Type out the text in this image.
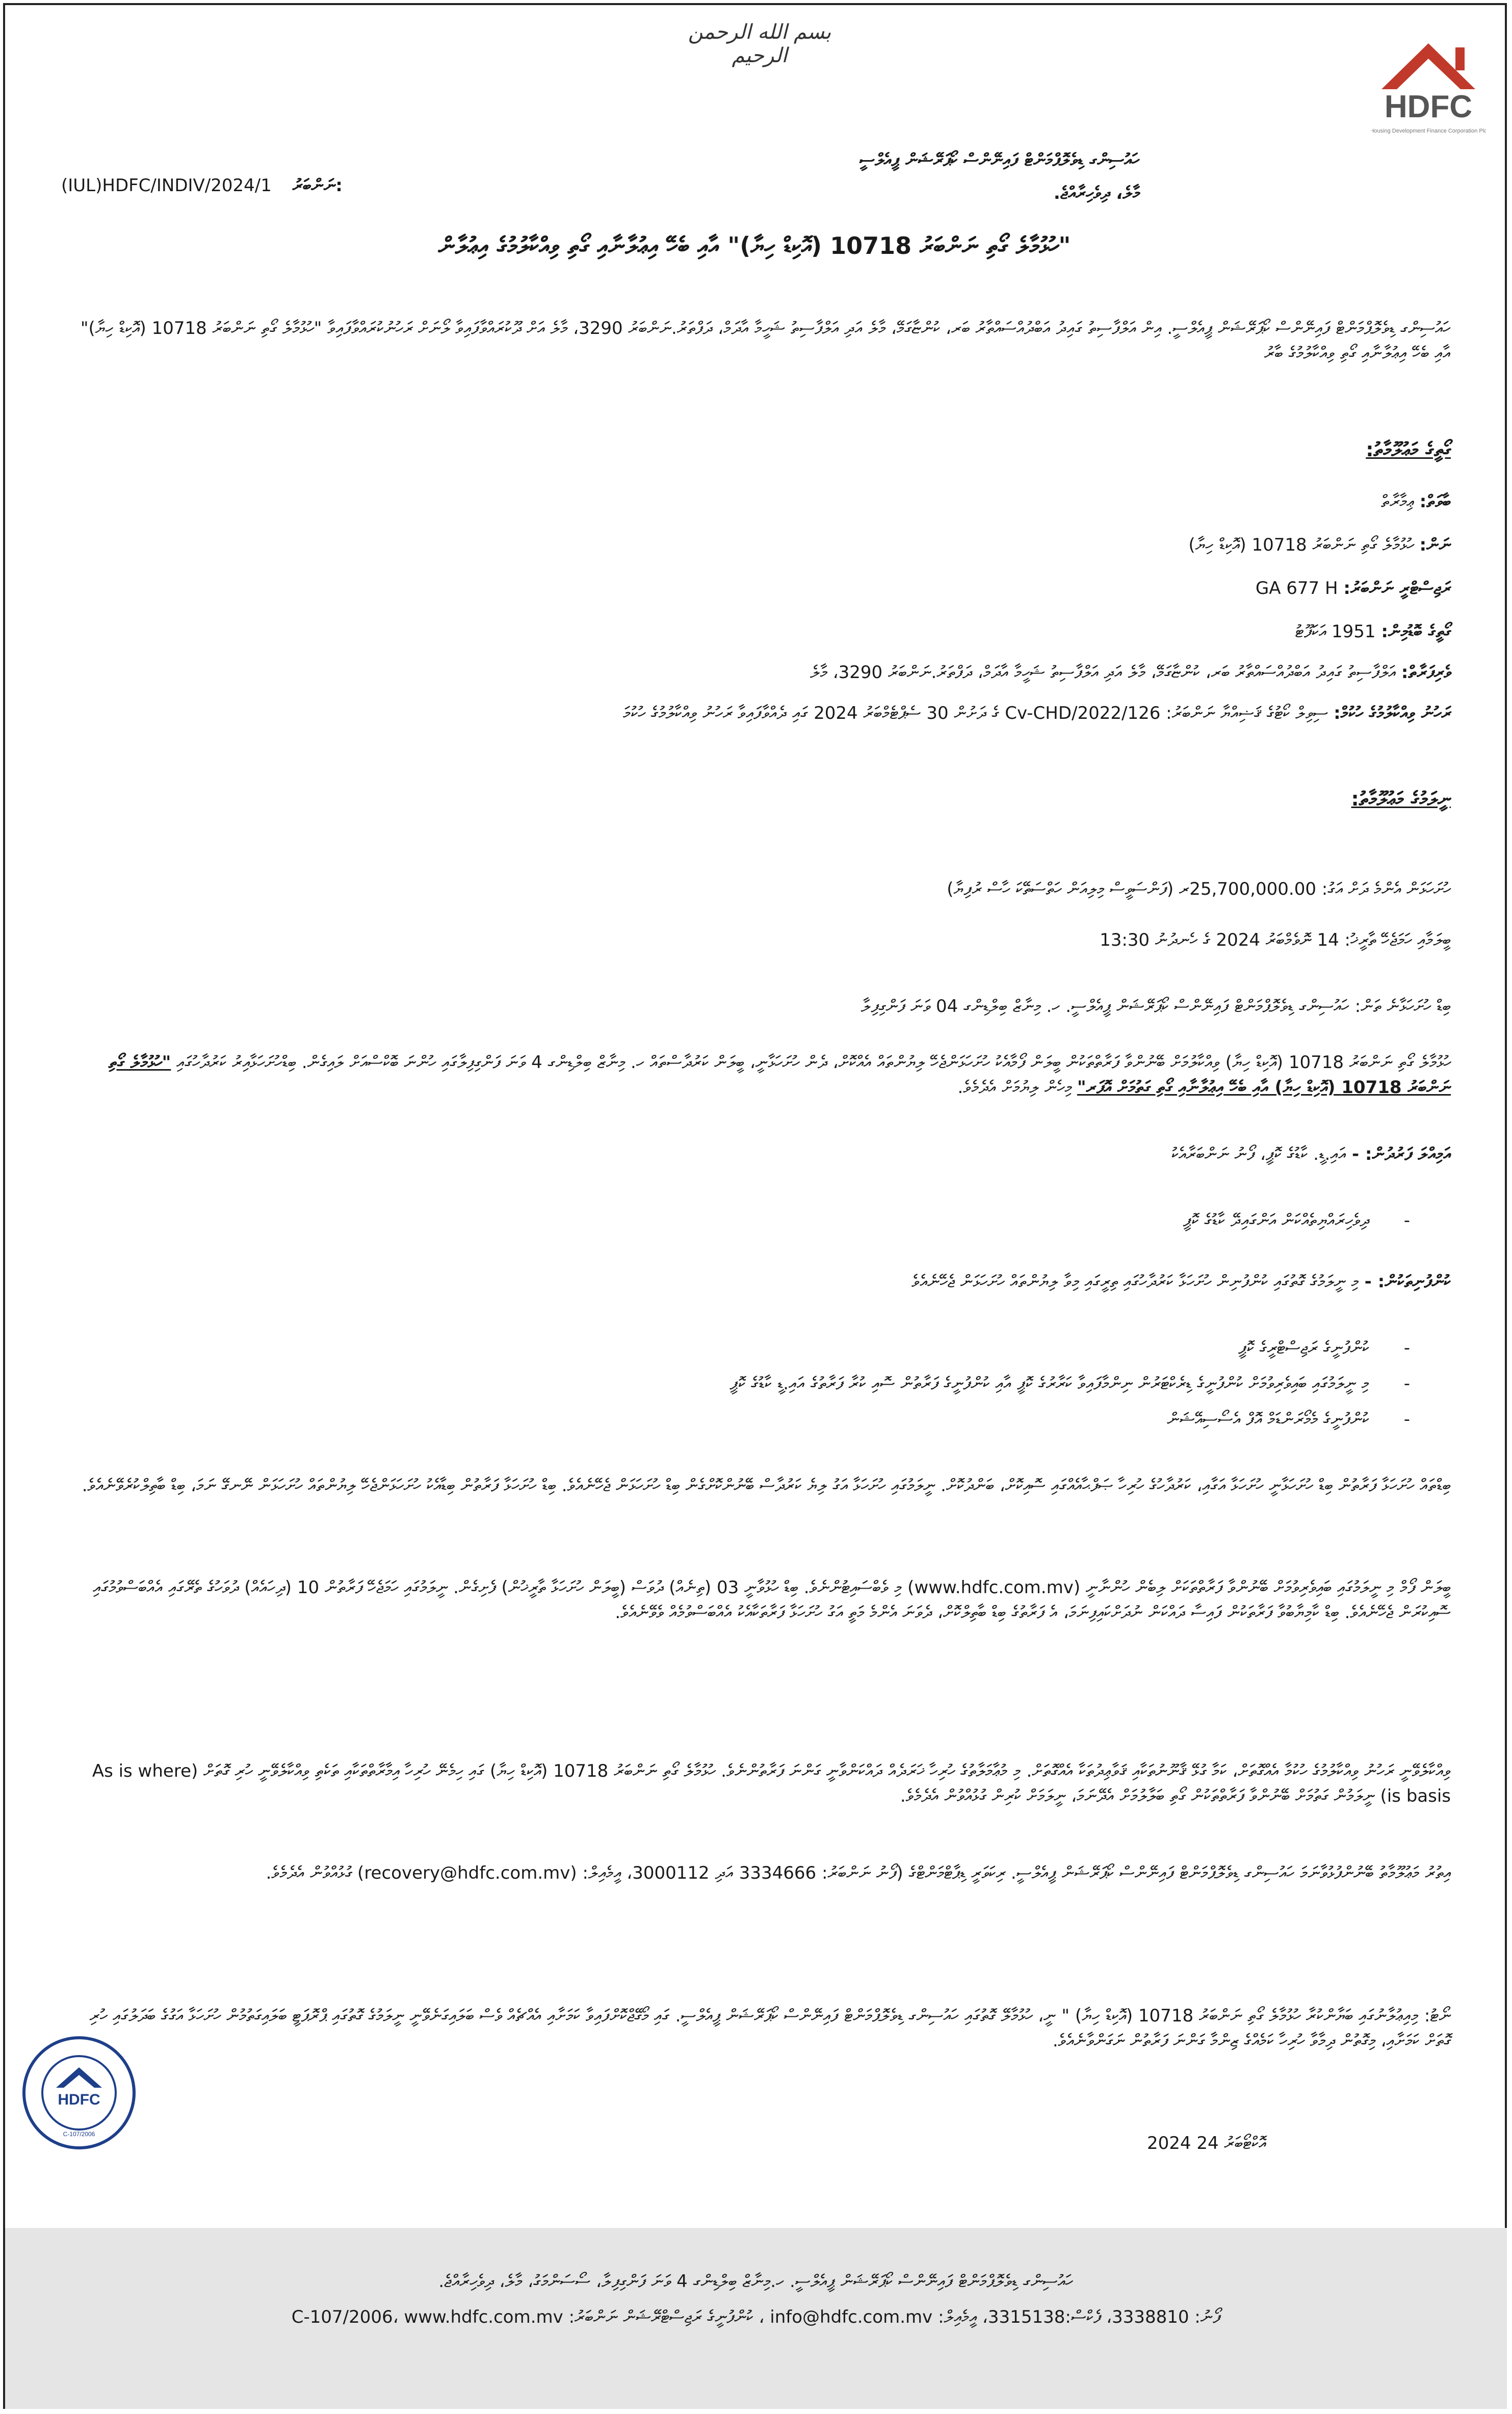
بسم الله الرحمن الرحيم
HDFC
Housing Development Finance Corporation Plc
ހައުސިންގ ޑިވެލޮޕްމަންޓް ފައިނޭންސް ކޯޕަރޭޝަން ޕީއެލްސީ
މާލެ، ދިވެހިރާއްޖެ.
(IUL)HDFC/INDIV/2024/1 ނަންބަރު:
"ހުޅުމާލެ ގޯތި ނަންބަރު 10718 (އޮކިޑް ހިޔާ)" އާއި ބެހޭ އިޢުލާނާއި ގޯތި ވިއްކާލުމުގެ އިޢުލާން
ހައުސިންގ ޑިވެލޮޕްމަންޓް ފައިނޭންސް ކޯޕަރޭޝަން ޕީއެލްސީ. އިން އަލްފާސިތު ގައިދު އަބްދުއްސައްތާރު ބަރ، ކުންޏާގަމޭ، މާލެ އަދި އަލްފާސިތު ޝަހީމާ އާދަމް، ދަފްތަރު.ނަންބަރު 3290، މާލެ އަށް ދޫކުރައްވާފައިވާ ލޯނަށް ރަހުނުކުރައްވާފައިވާ "ހުޅުމާލެ ގޯތި ނަންބަރު 10718 (އޮކިޑް ހިޔާ)" އާއި ބެހޭ އިޢުލާނާއި ގޯތި ވިއްކާލުމުގެ ބާރު
ގޯތީގެ މަޢުލޫމާތު:
ބާވަތް: ޢިމާރާތް
ނަން: ހުޅުމާލެ ގޯތި ނަންބަރު 10718 (އޮކިޑް ހިޔާ)
ރަޖިސްޓްރީ ނަންބަރު: GA 677 H
ގޯތީގެ ބޮޑުމިން: 1951 އަކަފޫޓު
ވެރިފަރާތް: އަލްފާސިތު ގައިދު އަބްދުއްސައްތާރު ބަރ، ކުންޏާގަމޭ، މާލެ އަދި އަލްފާސިތު ޝަހީމާ އާދަމް، ދަފްތަރު.ނަންބަރު 3290، މާލެ
ރަހުނު ވިއްކާލުމުގެ ހުކުމް: ސިވިލް ކޯޓުގެ ޤަޟިއްޔާ ނަންބަރު: 126/Cv-CHD/2022 ގެ ދަށުން 30 ސެޕްޓެމްބަރު 2024 ގައި ދެއްވާފައިވާ ރަހުނު ވިއްކާލުމުގެ ހުކުމަ
ނީލަމުގެ މަޢުލޫމާތު:
ހުށަހަޅަން އެންމެ ދަށް އަގު: 25,700,000.00ރ (ފަންސަވީސް މިލިއަން ހަތްސަތޭކަ ހާސް ރުފިޔާ)
ބީލަމާއި ހަމަޖެހޭ ތާރީޚު: 14 ނޮވެމްބަރު 2024 ގެ ހެނދުނު 13:30
ބިޑް ހުށަހަޅާނެ ތަން: ހައުސިންގ ޑިވެލޮޕްމަންޓް ފައިނޭންސް ކޯޕަރޭޝަން ޕީއެލްސީ. ހ. މިނާޒް ބިލްޑިންގ 04 ވަނަ ފަންގިފިލާ
ހުޅުމާލެ ގޯތި ނަންބަރު 10718 (އޮކިޑް ހިޔާ) ވިއްކާލުމަށް ބޭނުންވާ ފަރާތްތަކުން ބީލަން ފޯމާއެކު ހުށަހަޅަންޖެހޭ ލިޔުންތައް އެއްކޮށް، ދެން ހުށަހަޅާނީ، ބީލަން ކަރުދާސްތައް ހ. މިނާޒް ބިލްޑިންގ 4 ވަނަ ފަންގިފިލާގައި ހުންނަ ބޮކްސްއަށް ލައިގެން. ބިޑްހުށަހަޅާއިރު ކަރުދާހުގައި "ހުޅުމާލެ ގޯތި ނަންބަރު 10718 (އޮކިޑް ހިޔާ) އާއި ބެހޭ އިޢުލާނާއި ގޯތި ގަތުމަށް އޮފަރ" މިހެން ލިޔުމަށް އެދެމެވެ.
އަމިއްލަ ފަރުދުން: - އައި.ޑީ. ކާޑުގެ ކޮޕީ، ފޯނު ނަންބަރާއެކު
-
ދިވެހިރައްޔިތެއްކަން އަންގައިދޭ ކާޑުގެ ކޮޕީ
ކުންފުނިތަކުން: - މި ނީލަމުގެ ގޮތުގައި ކުންފުނިން ހުށަހަޅާ ކަރުދާހުގައި ތިރީގައި މިވާ ލިޔުންތައް ހުށަހަޅަން ޖެހޭނެއެވެ
-
ކުންފުނީގެ ރަޖިސްޓްރީގެ ކޮޕީ
-
މި ނީލަމުގައި ބައިވެރިވުމަށް ކުންފުނީގެ ޑިރެކްޓަރުން ނިންމާފައިވާ ކަރާރުގެ ކޮޕީ އާއި ކުންފުނީގެ ފަރާތުން ސޮއި ކުރާ ފަރާތުގެ އައި.ޑީ ކާޑުގެ ކޮޕީ
-
ކުންފުނީގެ މެމޯރަންޑަމް އޮފް އެސޯސިއޭޝަން
ބިޑްތައް ހުށަހަޅާ ފަރާތުން ބިޑް ހުށަހަޅާނީ ހުށަހަޅާ އަގާއި، ކަރުދާހުގެ ހުރިހާ ޞަފްޙާއެއްގައި ސޮއިކޮށް، ބަންދުކޮށް. ނީލަމުގައި ހުށަހަޅާ އަގު ލިޔެ ކަރުދާސް ބޭނުންކޮށްގެން ބިޑް ހުށަހަޅަން ޖެހޭނެއެވެ. ބިޑް ހުށަހަޅާ ފަރާތުން ބިޑާއެކު ހުށަހަޅަންޖެހޭ ލިޔުންތައް ހުށަހަޅަން ނޭނގޭ ނަމަ، ބިޑް ބާތިލްކުރެވޭނެއެވެ.
ބީލަން ފޯމް މި ނީލަމުގައި ބައިވެރިވުމަށް ބޭނުންވާ ފަރާތްތަކަށް ލިބެން ހުންނާނީ (www.hdfc.com.mv) މި ވެބްސައިޓުންނެވެ. ބިޑް ހުޅުވާނީ 03 (ތިނެއް) ދުވަސް (ބީލަން ހުށަހަޅާ ތާރީޚުން) ފެށިގެން. ނީލަމުގައި ހަމަޖެހޭ ފަރާތުން 10 (ދިހައެއް) ދުވަހުގެ ތެރޭގައި އެއްބަސްވުމުގައި ސޮއިކުރަން ޖެހޭނެއެވެ. ބިޑް ކާމިޔާބުވާ ފަރާތަކުން ފައިސާ ދައްކަން ނުދަށްކައިފިނަމަ، އެ ފަރާތުގެ ބިޑް ބާތިލްކޮށް، ދެވަނަ އެންމެ މަތީ އަގު ހުށަހަޅާ ފަރާތަކާއެކު އެއްބަސްވުމެއް ވެވޭނެއެވެ.
ވިއްކާލެވޭނީ ރަހުނު ވިއްކާލުމުގެ ހުކުމާ އެއްގޮތަށް، ކަމާ ގުޅޭ ޤާނޫނުތަކާއި ޤަވާޢިދުތަކާ އެއްގޮތަށް. މި މުޢާމަލާތުގެ ހުރިހާ ޚަރަދެއް ދައްކަންވާނީ ގަންނަ ފަރާތުންނެވެ. ހުޅުމާލެ ގޯތި ނަންބަރު 10718 (އޮކިޑް ހިޔާ) ގައި ހިމެނޭ ހުރިހާ އިމާރާތްތަކާއި ތަކެތި ވިއްކާލެވޭނީ ހުރި ގޮތަށް (As is where is basis) ނީލަމުން ގަތުމަށް ބޭނުންވާ ފަރާތްތަކުން ގޯތި ބަލާލުމަށް އެދޭނަމަ، ނީލަމަށް ކުރިން ގުޅުއްވުން އެދެމެވެ.
އިތުރު މަޢުލޫމާތު ބޭނުންފުޅުވާނަމަ ހައުސިންގ ޑިވެލޮޕްމަންޓް ފައިނޭންސް ކޯޕަރޭޝަން ޕީއެލްސީ. ރިކަވަރީ ޑިޕާޓްމަންޓްގެ (ފޯނު ނަންބަރު: 3334666 އަދި 3000112، އީމެއިލް: (recovery@hdfc.com.mv) ގުޅުއްވުން އެދެމެވެ.
ނޯޓު: މިއިޢުލާނުގައި ބަޔާންކުރާ ހުޅުމާލެ ގޯތި ނަންބަރު 10718 (އޮކިޑް ހިޔާ) " ނީ، ހުޅުމާލޭ ގޮތުގައި ހައުސިންގ ޑިވެލޮޕްމަންޓް ފައިނޭންސް ކޯޕަރޭޝަން ޕީއެލްސީ. ގައި މޯގޭޖްކޮށްފައިވާ ކަމަށާއި އެއްޗެއް ވެސް ބަލައިގަނެވޭނީ ނީލަމުގެ ގޮތުގައި ޕްރޮޕަޓީ ބަލައިގަތުމުން ހުށަހަޅާ އަގުގެ ބަދަލުގައި ހުރި ގޮތަށް ކަމަށާއި، މިގޮތުން ދިމާވާ ހުރިހާ ކަމެއްގެ ޒިންމާ ގަންނަ ފަރާތުން ނަގަންވާނެއެވެ.
2024 އޮކްޓޯބަރު 24
HDFC
C-107/2006
ހައުސިންގ ޑިވެލޮޕްމަންޓް ފައިނޭންސް ކޯޕަރޭޝަން ޕީއެލްސީ. ހ.މިނާޒް ބިލްޑިންގ 4 ވަނަ ފަންގިފިލާ، ސޯސަންމަގު، މާލެ، ދިވެހިރާއްޖެ.
ފޯނު: 3338810، ފެކްސް:3315138، އީމެއިލް: info@hdfc.com.mv ، ކުންފުނީގެ ރަޖިސްޓްރޭޝަން ނަންބަރު: C-107/2006، www.hdfc.com.mv
